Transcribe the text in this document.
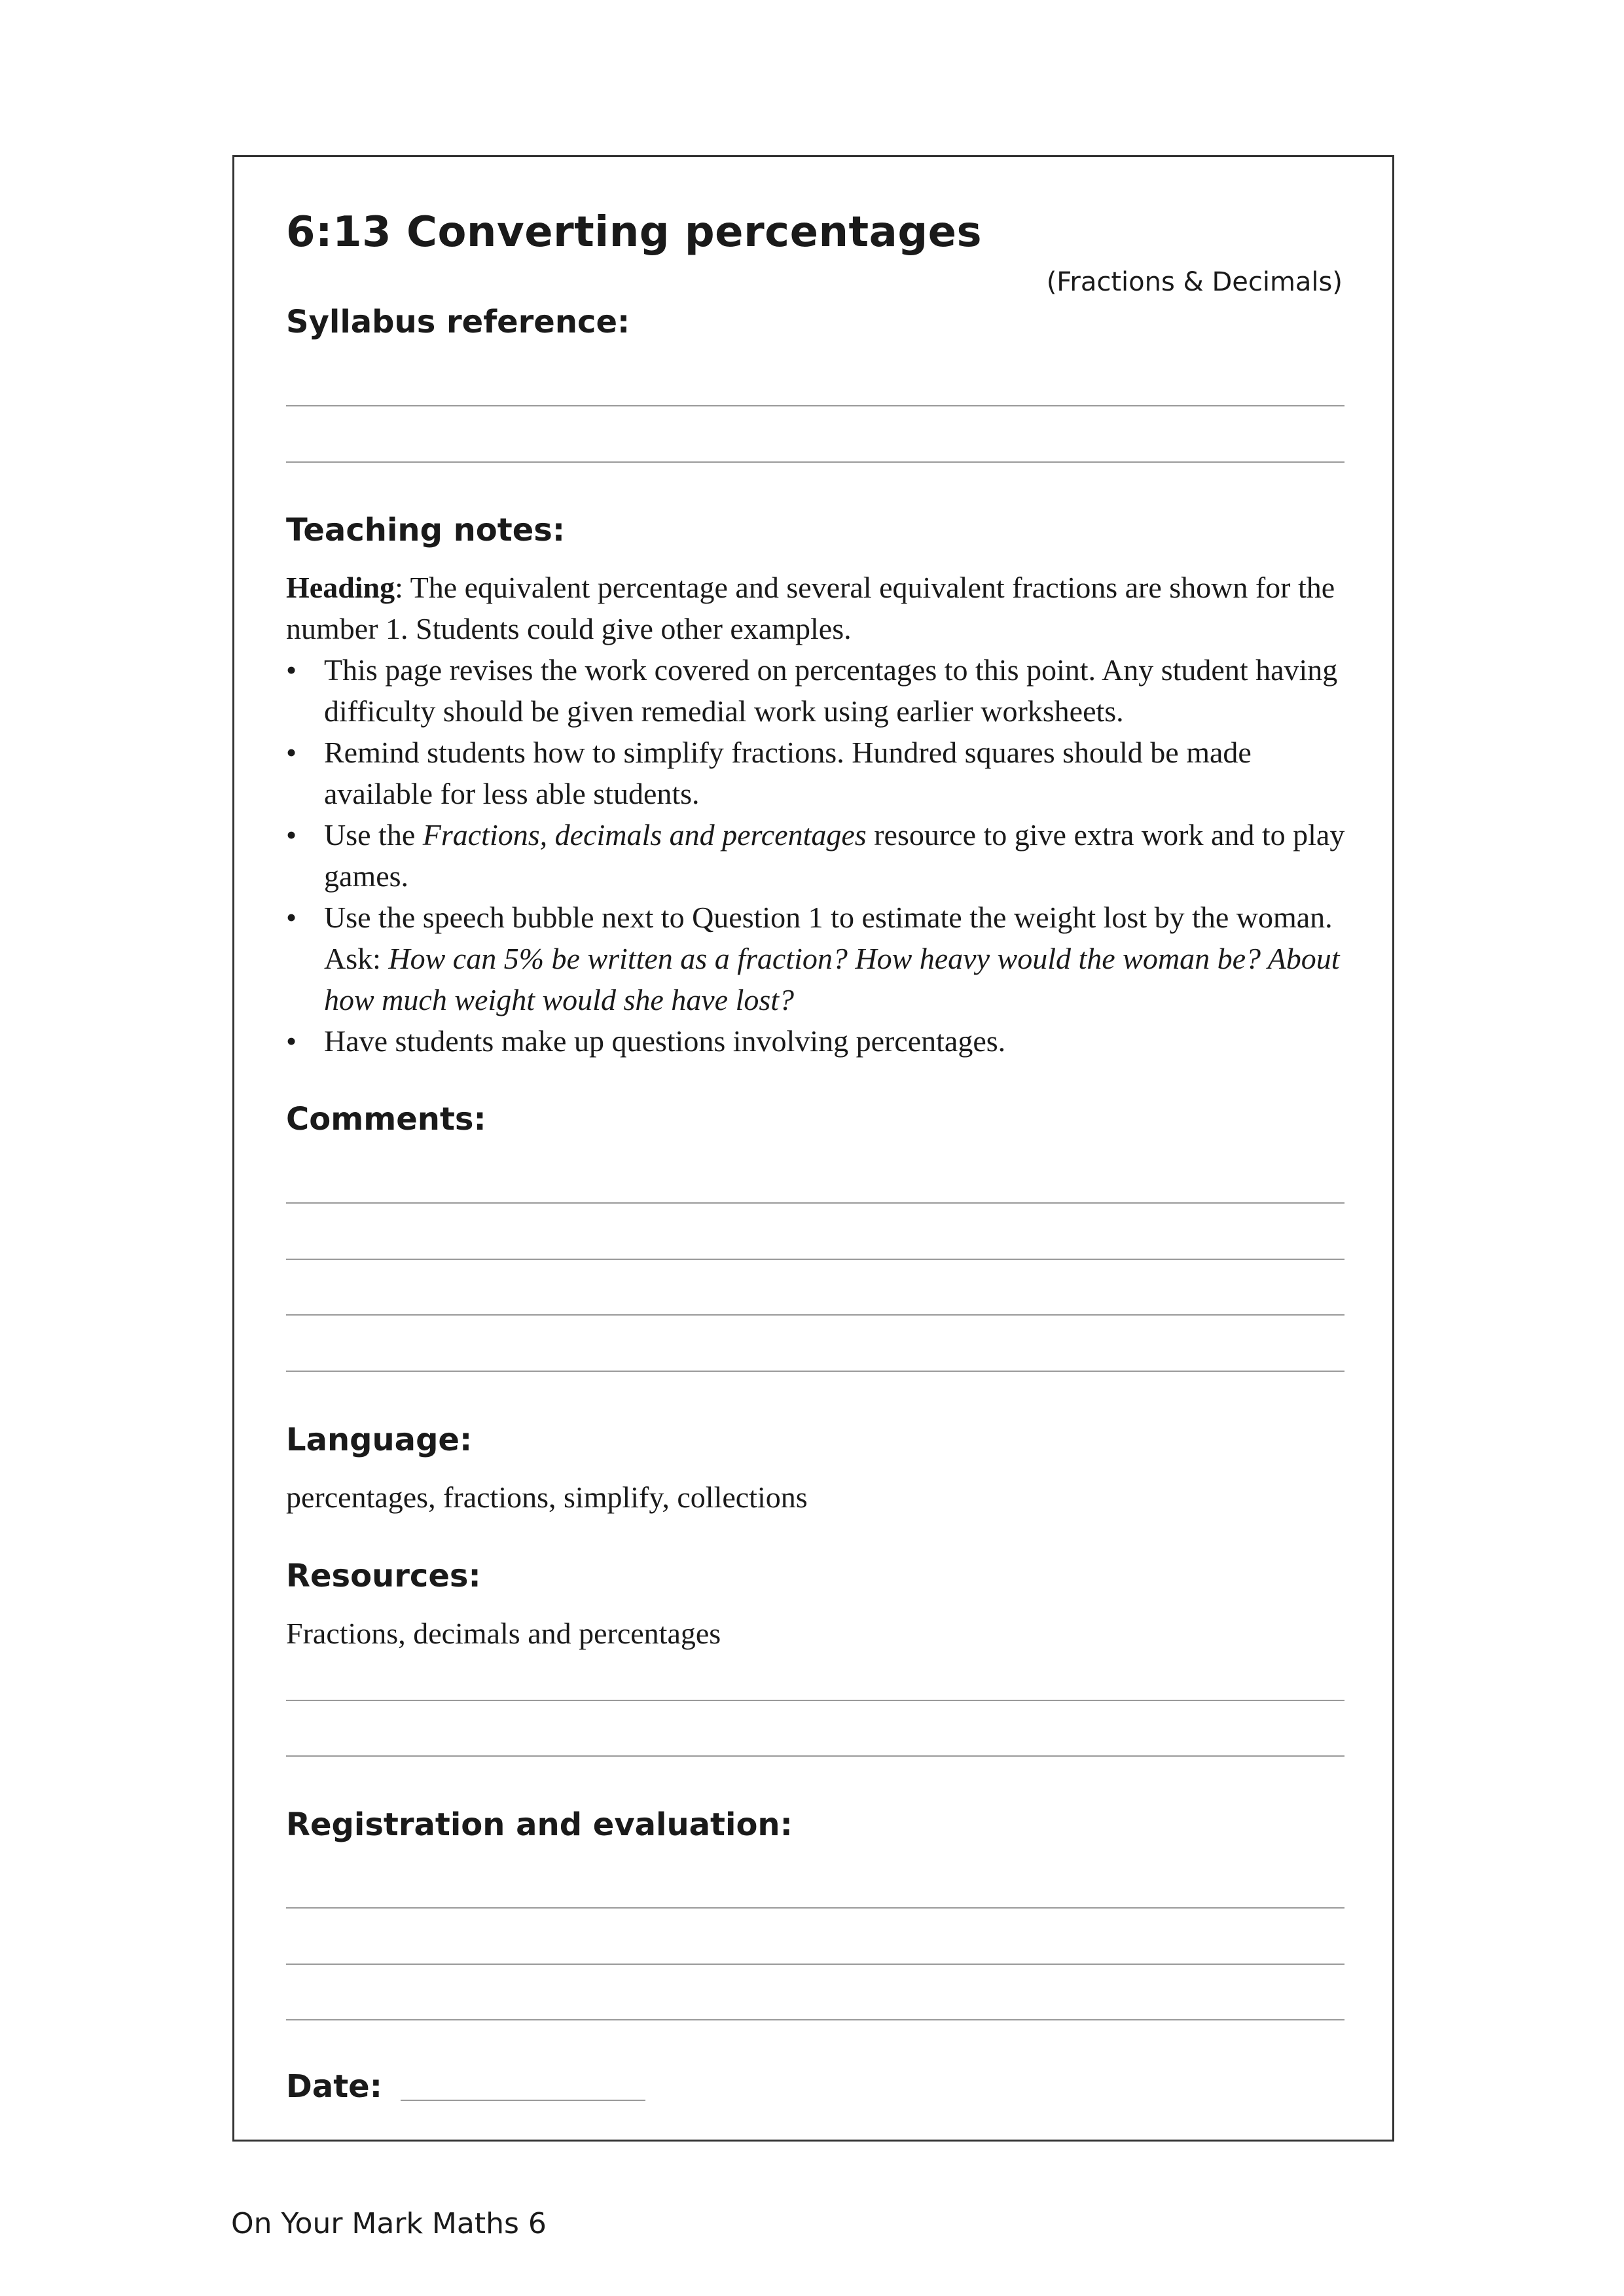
6:13 Converting percentages
(Fractions & Decimals)
Syllabus reference:
Teaching notes:

Heading: The equivalent percentage and several equivalent fractions are shown for the number 1. Students could give other examples.

• This page revises the work covered on percentages to this point. Any student having difficulty should be given remedial work using earlier worksheets.
• Remind students how to simplify fractions. Hundred squares should be made available for less able students.
• Use the Fractions, decimals and percentages resource to give extra work and to play games.
• Use the speech bubble next to Question 1 to estimate the weight lost by the woman. Ask: How can 5% be written as a fraction? How heavy would the woman be? About how much weight would she have lost?
• Have students make up questions involving percentages.
Comments:
Language:
percentages, fractions, simplify, collections
Resources:
Fractions, decimals and percentages
Registration and evaluation:
Date:
On Your Mark Maths 6
